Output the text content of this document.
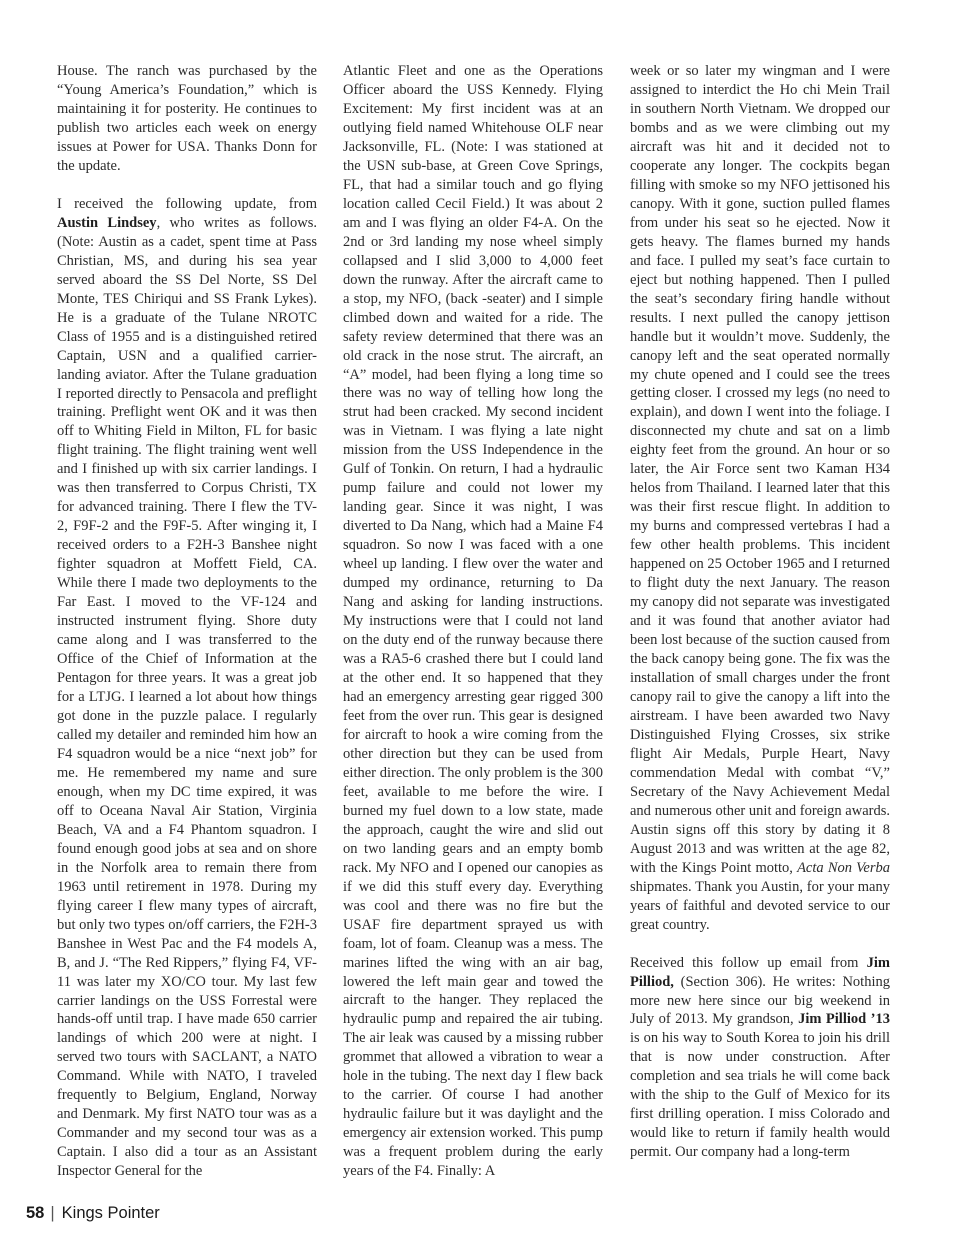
House. The ranch was purchased by the “Young America’s Foundation,” which is maintaining it for posterity. He continues to publish two articles each week on energy issues at Power for USA. Thanks Donn for the update.

I received the following update, from Austin Lindsey, who writes as follows. (Note: Austin as a cadet, spent time at Pass Christian, MS, and during his sea year served aboard the SS Del Norte, SS Del Monte, TES Chiriqui and SS Frank Lykes). He is a graduate of the Tulane NROTC Class of 1955 and is a distinguished retired Captain, USN and a qualified carrier-landing aviator. After the Tulane graduation I reported directly to Pensacola and preflight training. Preflight went OK and it was then off to Whiting Field in Milton, FL for basic flight training. The flight training went well and I finished up with six carrier landings. I was then transferred to Corpus Christi, TX for advanced training. There I flew the TV-2, F9F-2 and the F9F-5. After winging it, I received orders to a F2H-3 Banshee night fighter squadron at Moffett Field, CA. While there I made two deployments to the Far East. I moved to the VF-124 and instructed instrument flying. Shore duty came along and I was transferred to the Office of the Chief of Information at the Pentagon for three years. It was a great job for a LTJG. I learned a lot about how things got done in the puzzle palace. I regularly called my detailer and reminded him how an F4 squadron would be a nice “next job” for me. He remembered my name and sure enough, when my DC time expired, it was off to Oceana Naval Air Station, Virginia Beach, VA and a F4 Phantom squadron. I found enough good jobs at sea and on shore in the Norfolk area to remain there from 1963 until retirement in 1978. During my flying career I flew many types of aircraft, but only two types on/off carriers, the F2H-3 Banshee in West Pac and the F4 models A, B, and J. “The Red Rippers,” flying F4, VF-11 was later my XO/CO tour. My last few carrier landings on the USS Forrestal were hands-off until trap. I have made 650 carrier landings of which 200 were at night. I served two tours with SACLANT, a NATO Command. While with NATO, I traveled frequently to Belgium, England, Norway and Denmark. My first NATO tour was as a Commander and my second tour was as a Captain. I also did a tour as an Assistant Inspector General for the

Atlantic Fleet and one as the Operations Officer aboard the USS Kennedy. Flying Excitement: My first incident was at an outlying field named Whitehouse OLF near Jacksonville, FL. (Note: I was stationed at the USN sub-base, at Green Cove Springs, FL, that had a similar touch and go flying location called Cecil Field.) It was about 2 am and I was flying an older F4-A. On the 2nd or 3rd landing my nose wheel simply collapsed and I slid 3,000 to 4,000 feet down the runway. After the aircraft came to a stop, my NFO, (back -seater) and I simple climbed down and waited for a ride. The safety review determined that there was an old crack in the nose strut. The aircraft, an “A” model, had been flying a long time so there was no way of telling how long the strut had been cracked. My second incident was in Vietnam. I was flying a late night mission from the USS Independence in the Gulf of Tonkin. On return, I had a hydraulic pump failure and could not lower my landing gear. Since it was night, I was diverted to Da Nang, which had a Maine F4 squadron. So now I was faced with a one wheel up landing. I flew over the water and dumped my ordinance, returning to Da Nang and asking for landing instructions. My instructions were that I could not land on the duty end of the runway because there was a RA5-6 crashed there but I could land at the other end. It so happened that they had an emergency arresting gear rigged 300 feet from the over run. This gear is designed for aircraft to hook a wire coming from the other direction but they can be used from either direction. The only problem is the 300 feet, available to me before the wire. I burned my fuel down to a low state, made the approach, caught the wire and slid out on two landing gears and an empty bomb rack. My NFO and I opened our canopies as if we did this stuff every day. Everything was cool and there was no fire but the USAF fire department sprayed us with foam, lot of foam. Cleanup was a mess. The marines lifted the wing with an air bag, lowered the left main gear and towed the aircraft to the hanger. They replaced the hydraulic pump and repaired the air tubing. The air leak was caused by a missing rubber grommet that allowed a vibration to wear a hole in the tubing. The next day I flew back to the carrier. Of course I had another hydraulic failure but it was daylight and the emergency air extension worked. This pump was a frequent problem during the early years of the F4. Finally: A

week or so later my wingman and I were assigned to interdict the Ho chi Mein Trail in southern North Vietnam. We dropped our bombs and as we were climbing out my aircraft was hit and it decided not to cooperate any longer. The cockpits began filling with smoke so my NFO jettisoned his canopy. With it gone, suction pulled flames from under his seat so he ejected. Now it gets heavy. The flames burned my hands and face. I pulled my seat’s face curtain to eject but nothing happened. Then I pulled the seat’s secondary firing handle without results. I next pulled the canopy jettison handle but it wouldn’t move. Suddenly, the canopy left and the seat operated normally my chute opened and I could see the trees getting closer. I crossed my legs (no need to explain), and down I went into the foliage. I disconnected my chute and sat on a limb eighty feet from the ground. An hour or so later, the Air Force sent two Kaman H34 helos from Thailand. I learned later that this was their first rescue flight. In addition to my burns and compressed vertebras I had a few other health problems. This incident happened on 25 October 1965 and I returned to flight duty the next January. The reason my canopy did not separate was investigated and it was found that another aviator had been lost because of the suction caused from the back canopy being gone. The fix was the installation of small charges under the front canopy rail to give the canopy a lift into the airstream. I have been awarded two Navy Distinguished Flying Crosses, six strike flight Air Medals, Purple Heart, Navy commendation Medal with combat “V,” Secretary of the Navy Achievement Medal and numerous other unit and foreign awards. Austin signs off this story by dating it 8 August 2013 and was written at the age 82, with the Kings Point motto, Acta Non Verba shipmates. Thank you Austin, for your many years of faithful and devoted service to our great country.

Received this follow up email from Jim Pilliod, (Section 306). He writes: Nothing more new here since our big weekend in July of 2013. My grandson, Jim Pilliod ’13 is on his way to South Korea to join his drill that is now under construction. After completion and sea trials he will come back with the ship to the Gulf of Mexico for its first drilling operation. I miss Colorado and would like to return if family health would permit. Our company had a long-term

58 | Kings Pointer
